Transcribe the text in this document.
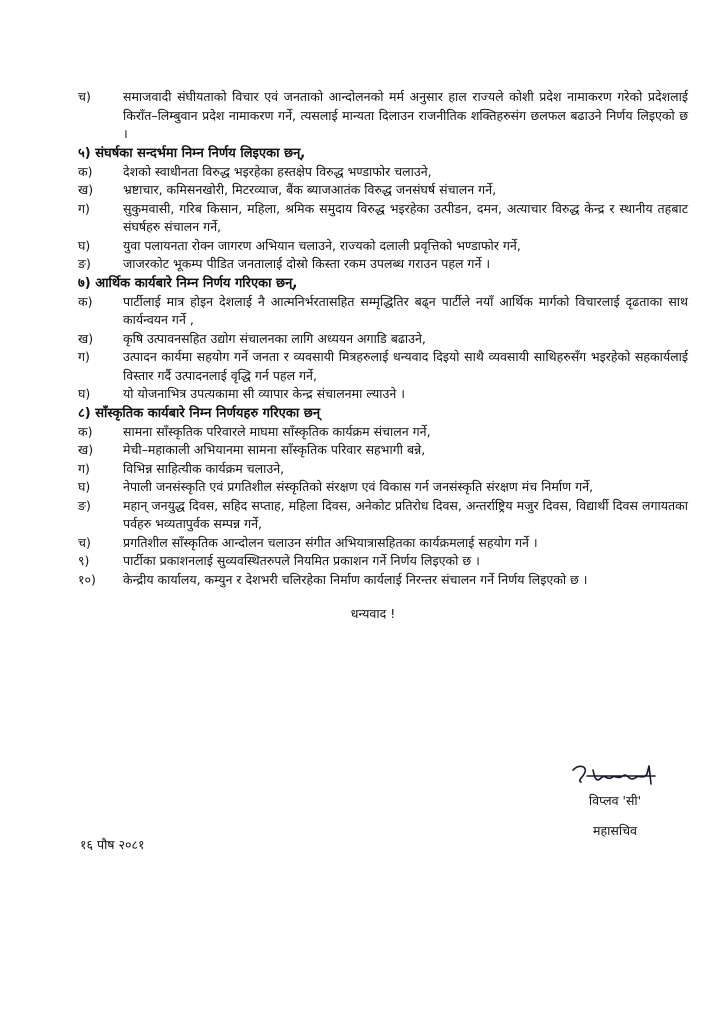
च)	समाजवादी संघीयताको विचार एवं जनताको आन्दोलनको मर्म अनुसार हाल राज्यले कोशी प्रदेश नामाकरण गरेको प्रदेशलाई किराँत–लिम्बुवान प्रदेश नामाकरण गर्ने, त्यसलाई मान्यता दिलाउन राजनीतिक शक्तिहरुसंग छलफल बढाउने निर्णय लिइएको छ ।
५) संघर्षका सन्दर्भमा निम्न निर्णय लिइएका छन्,
क)	देशको स्वाधीनता विरुद्ध भइरहेका हस्तक्षेप विरुद्ध भण्डाफोर चलाउने,
ख)	भ्रष्टाचार, कमिसनखोरी, मिटरव्याज, बैंक ब्याजआतंक विरुद्ध जनसंघर्ष संचालन गर्ने,
ग)	सुकुमवासी, गरिब किसान, महिला, श्रमिक समुदाय विरुद्ध भइरहेका उत्पीडन, दमन, अत्याचार विरुद्ध केन्द्र र स्थानीय तहबाट संघर्षहरु संचालन गर्ने,
घ)	युवा पलायनता रोक्न जागरण अभियान चलाउने, राज्यको दलाली प्रवृत्तिको भण्डाफोर गर्ने,
ङ)	जाजरकोट भूकम्प पीडित जनतालाई दोस्रो किस्ता रकम उपलब्ध गराउन पहल गर्ने ।
७) आर्थिक कार्यबारे निम्न निर्णय गरिएका छन्,
क)	पार्टीलाई मात्र होइन देशलाई नै आत्मनिर्भरतासहित सम्मृद्धितिर बढ्न पार्टीले नयाँ आर्थिक मार्गको विचारलाई दृढताका साथ कार्यन्वयन गर्ने ,
ख)	कृषि उत्पावनसहित उद्योग संचालनका लागि अध्ययन अगाडि बढाउने,
ग)	उत्पादन कार्यमा सहयोग गर्ने जनता र व्यवसायी मित्रहरुलाई धन्यवाद दिइयो साथै व्यवसायी साथिहरुसँग भइरहेको सहकार्यलाई विस्तार गर्दै उत्पादनलाई वृद्धि गर्न पहल गर्ने,
घ)	यो योजनाभित्र उपत्यकामा सी व्यापार केन्द्र संचालनमा ल्याउने ।
८) साँस्कृतिक कार्यबारे निम्न निर्णयहरु गरिएका छन्
क)	सामना साँस्कृतिक परिवारले माघमा साँस्कृतिक कार्यक्रम संचालन गर्ने,
ख)	मेची–महाकाली अभियानमा सामना साँस्कृतिक परिवार सहभागी बन्ने,
ग)	विभिन्न साहित्यीक कार्यक्रम चलाउने,
घ)	नेपाली जनसंस्कृति एवं प्रगतिशील संस्कृतिको संरक्षण एवं विकास गर्न जनसंस्कृति संरक्षण मंच निर्माण गर्ने,
ङ)	महान् जनयुद्ध दिवस, सहिद सप्ताह, महिला दिवस, अनेकोट प्रतिरोध दिवस, अन्तर्राष्ट्रिय मजुर दिवस, विद्यार्थी दिवस लगायतका पर्वहरु भव्यतापुर्वक सम्पन्न गर्ने,
च)	प्रगतिशील साँस्कृतिक आन्दोलन चलाउन संगीत अभियात्रासहितका कार्यक्रमलाई सहयोग गर्ने ।
९)	पार्टीका प्रकाशनलाई सुव्यवस्थितरुपले नियमित प्रकाशन गर्ने निर्णय लिइएको छ ।
१०)	केन्द्रीय कार्यालय, कम्युन र देशभरी चलिरहेका निर्माण कार्यलाई निरन्तर संचालन गर्ने निर्णय लिइएको छ ।
धन्यवाद !
विप्लव 'सी'
महासचिव
१६ पौष २०८१
